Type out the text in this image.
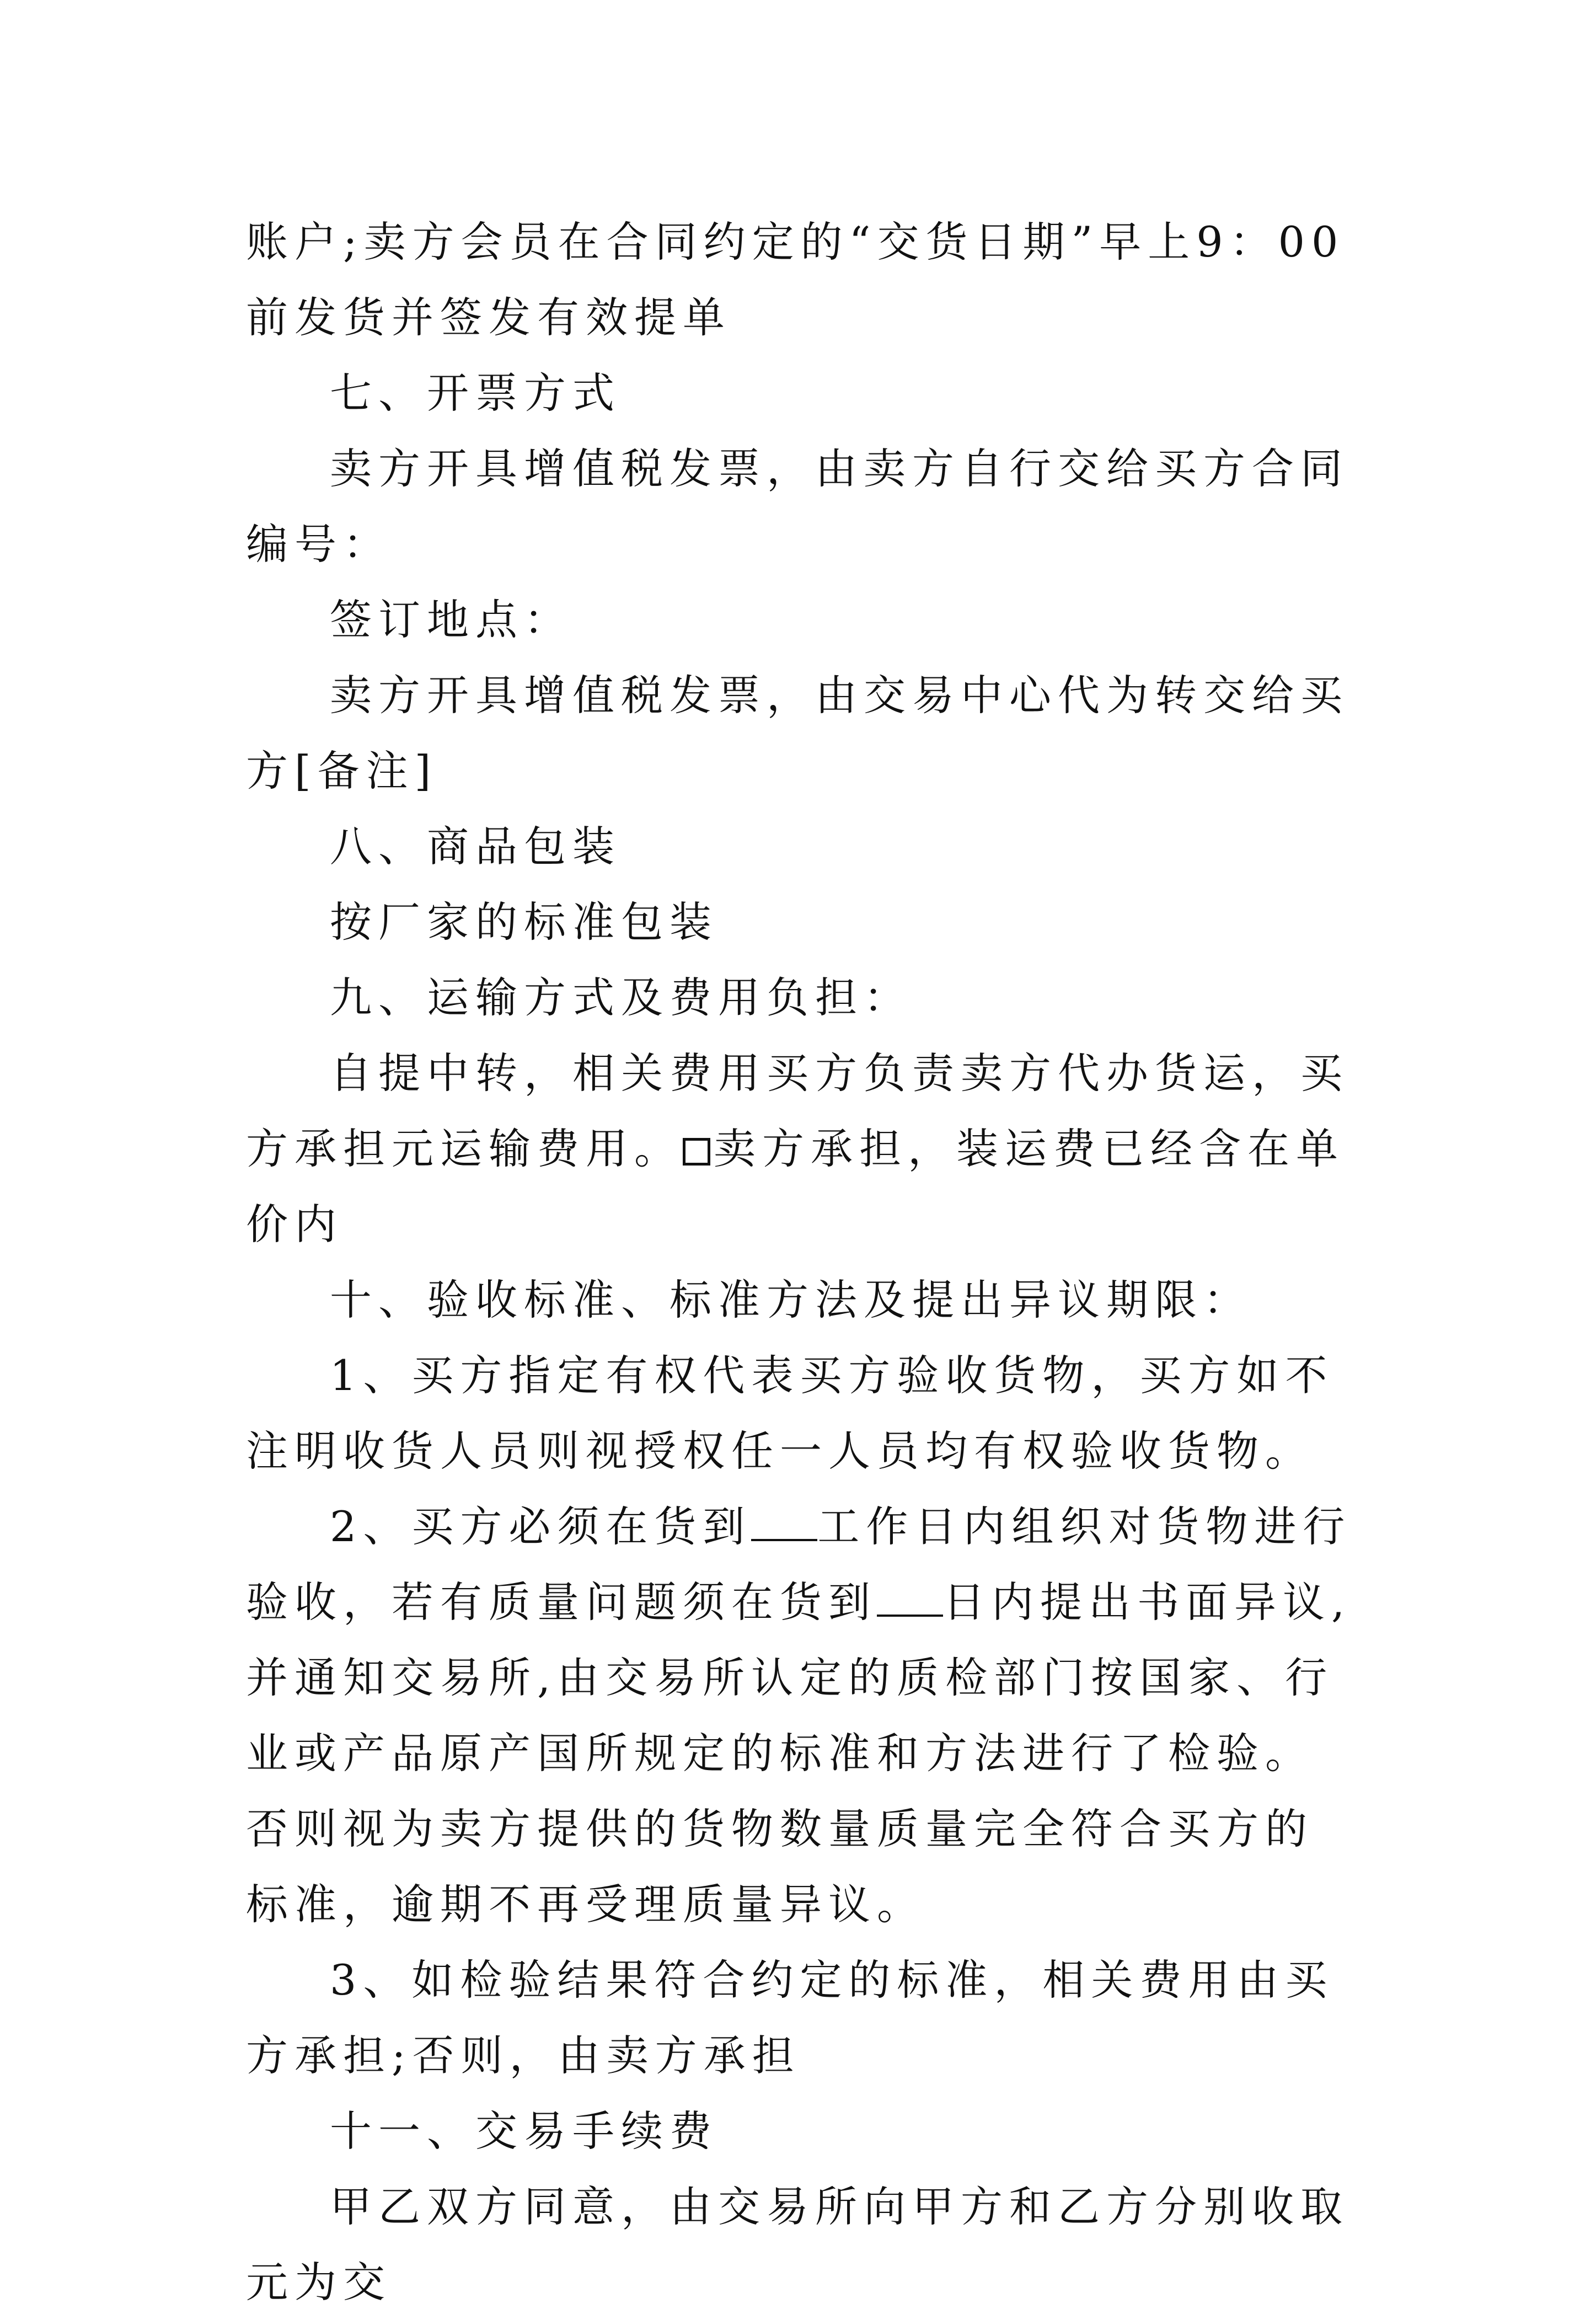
账户;卖方会员在合同约定的“交货日期”早上9：00前发货并签发有效提单

七、开票方式

卖方开具增值税发票，由卖方自行交给买方合同编号：

签订地点：

卖方开具增值税发票，由交易中心代为转交给买方[备注]

八、商品包装

按厂家的标准包装

九、运输方式及费用负担：

自提中转，相关费用买方负责卖方代办货运，买方承担元运输费用。 卖方承担，装运费已经含在单价内

十、验收标准、标准方法及提出异议期限：

1、买方指定有权代表买方验收货物，买方如不注明收货人员则视授权任一人员均有权验收货物。

2、买方必须在货到 工作日内组织对货物进行验收，若有质量问题须在货到 日内提出书面异议,并通知交易所,由交易所认定的质检部门按国家、行业或产品原产国所规定的标准和方法进行了检验。否则视为卖方提供的货物数量质量完全符合买方的标准，逾期不再受理质量异议。

3、如检验结果符合约定的标准，相关费用由买方承担;否则，由卖方承担

十一、交易手续费

甲乙双方同意，由交易所向甲方和乙方分别收取元为交
